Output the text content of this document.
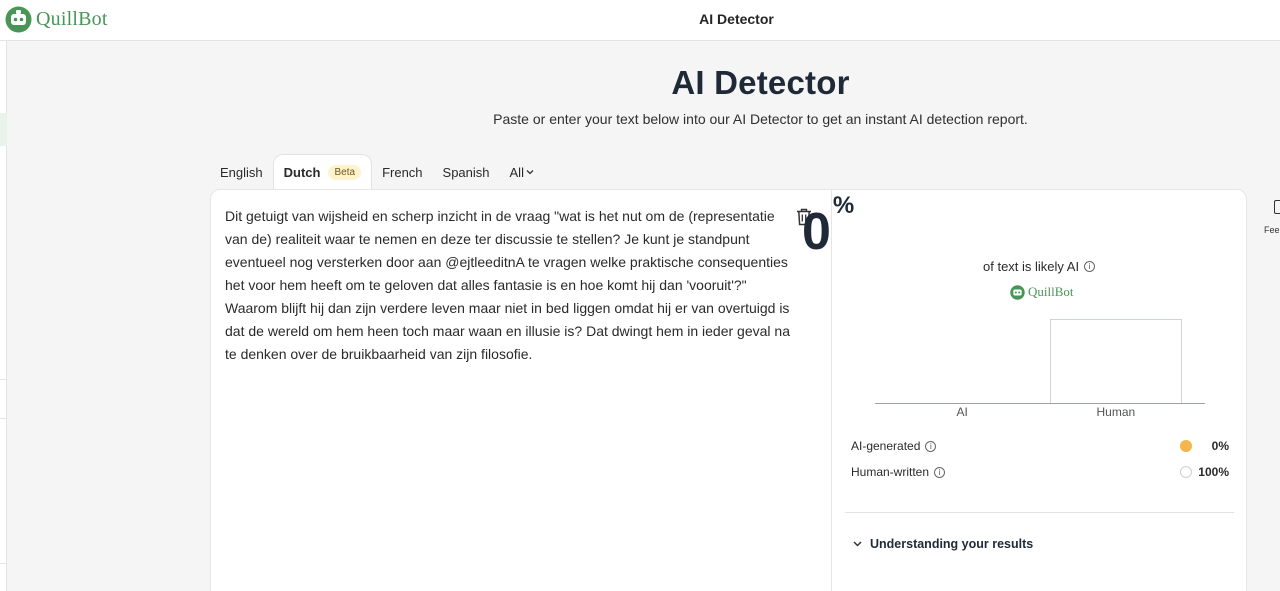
QuillBot	AI Detector
AI Detector

Paste or enter your text below into our AI Detector to get an instant AI detection report.

English Dutch	Beta	French Spanish All
Dit getuigt van wijsheid en scherp inzicht in de vraag "wat is het nut om de (representatie van de) realiteit waar te nemen en deze ter discussie te stellen? Je kunt je standpunt eventueel nog versterken door aan @ejtleeditnA te vragen welke praktische consequenties het voor hem heeft om te geloven dat alles fantasie is en hoe komt hij dan 'vooruit'?" Waarom blijft hij dan zijn verdere leven maar niet in bed liggen omdat hij er van overtuigd is dat de wereld om hem heen toch maar waan en illusie is? Dat dwingt hem in ieder geval na te denken over de bruikbaarheid van zijn filosofie.
0%
of text is likely AI	i
QuillBot
AI	Human
AI-generated	i	0%
Human-written	i	100%
Understanding your results
Fee
